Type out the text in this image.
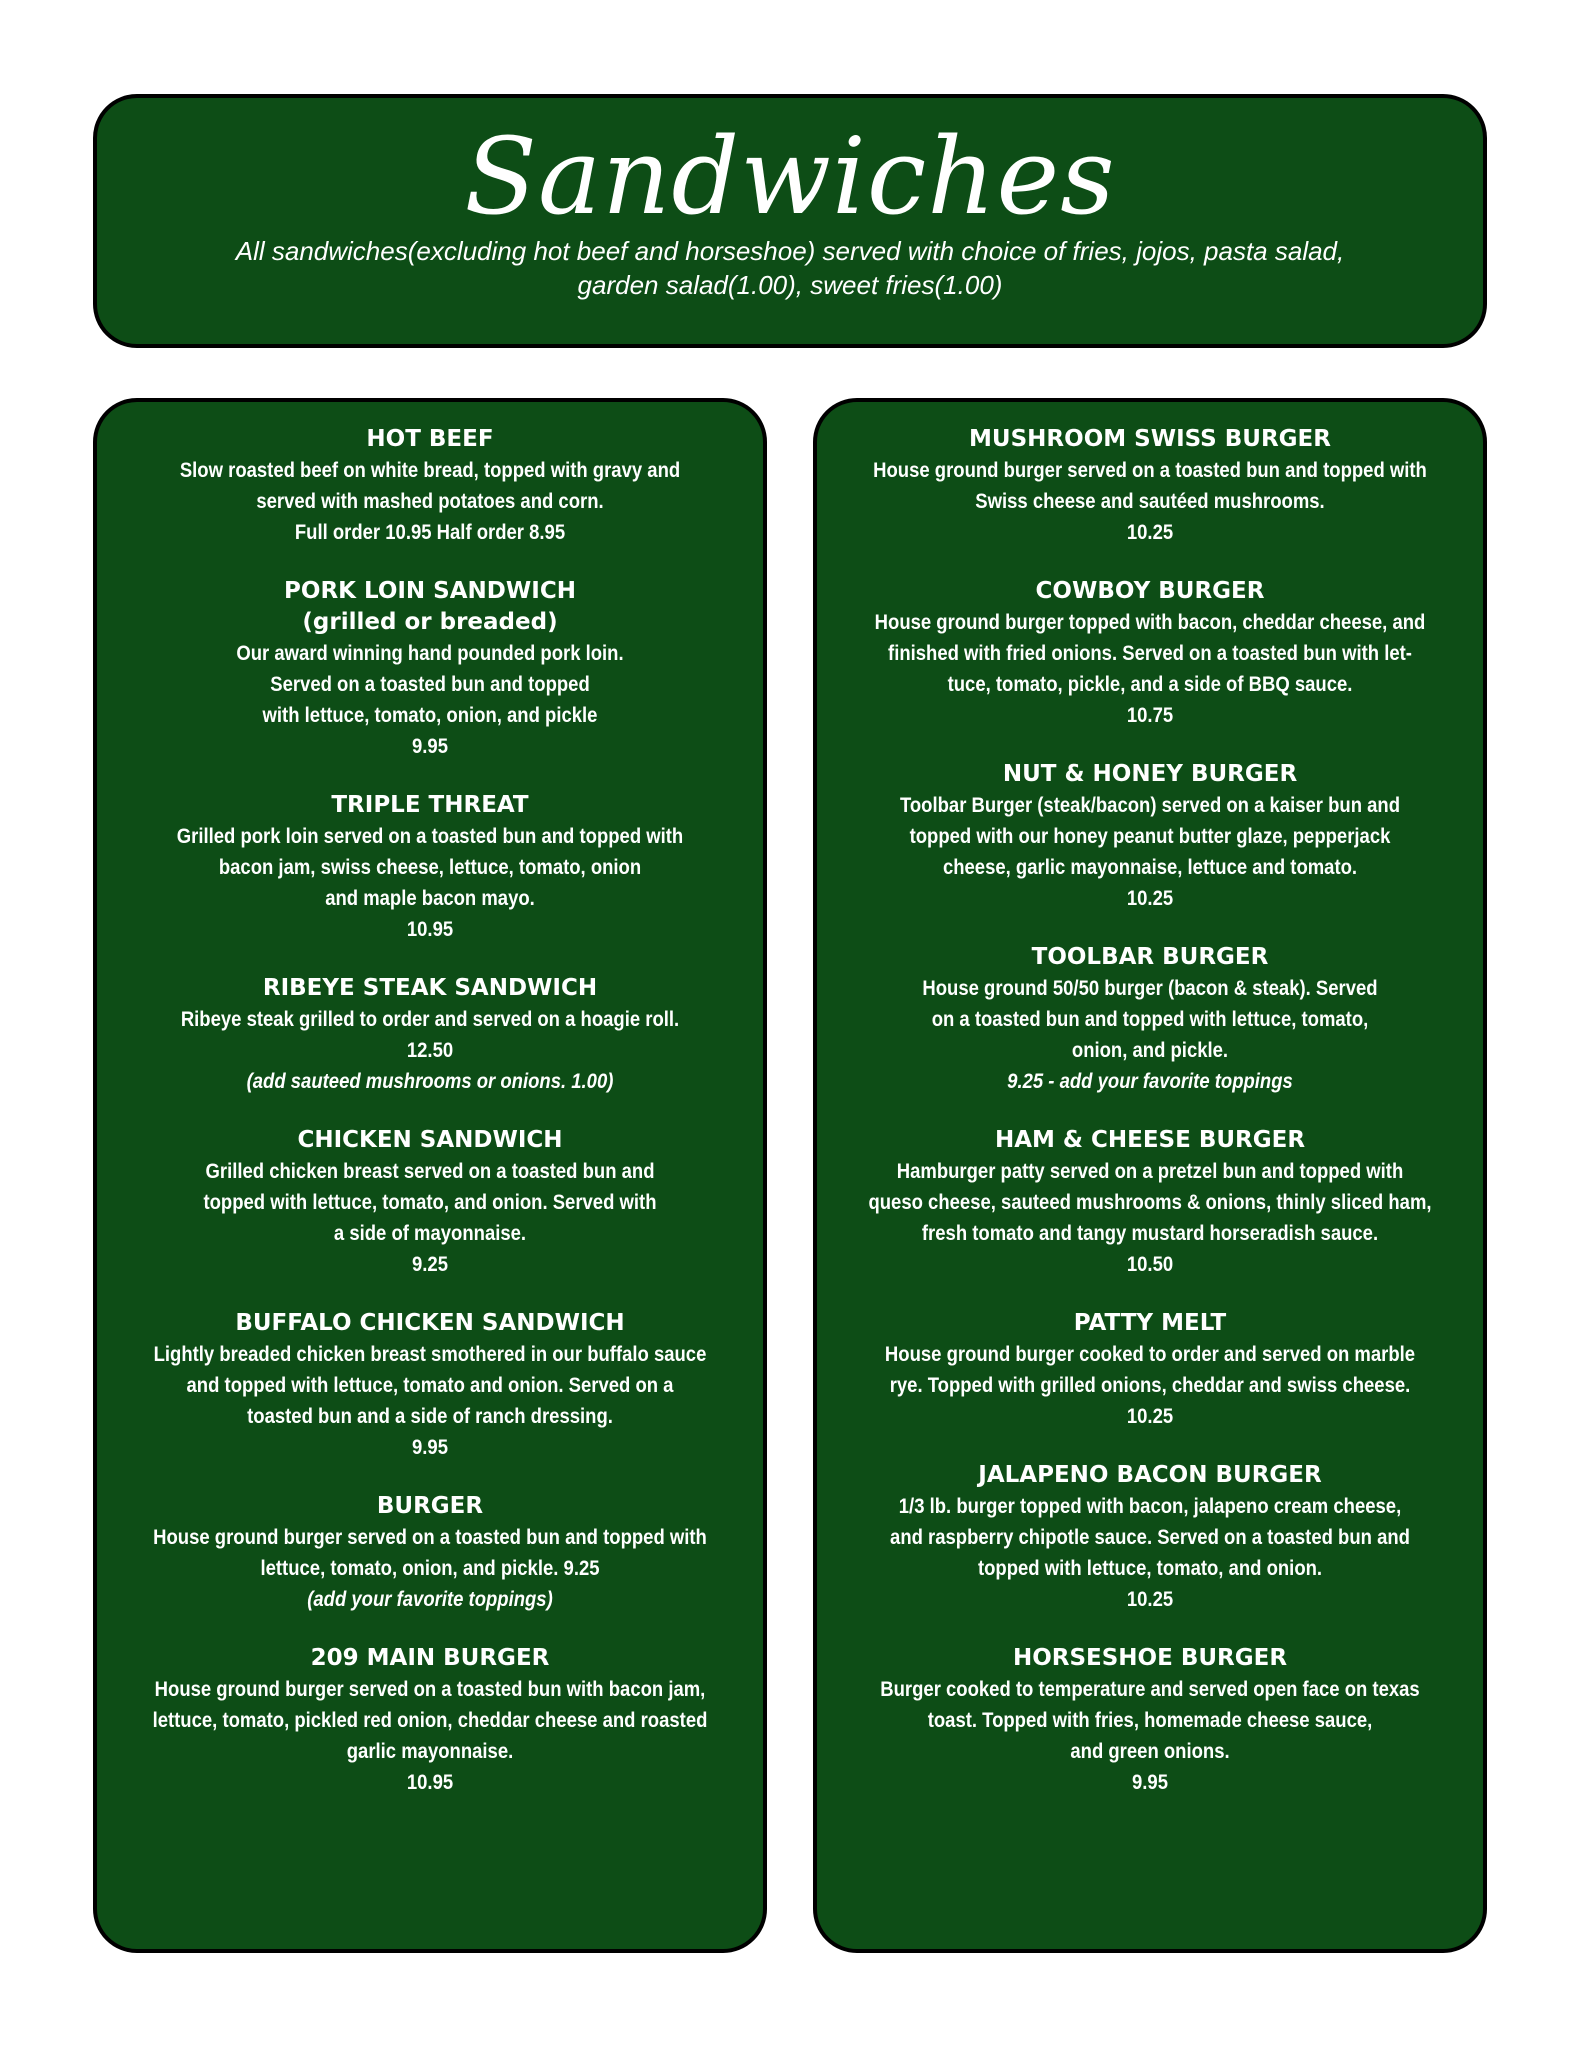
Sandwiches
All sandwiches(excluding hot beef and horseshoe) served with choice of fries, jojos, pasta salad,
garden salad(1.00), sweet fries(1.00)
HOT BEEF
Slow roasted beef on white bread, topped with gravy and
served with mashed potatoes and corn.
Full order 10.95 Half order 8.95
PORK LOIN SANDWICH
(grilled or breaded)
Our award winning hand pounded pork loin.
Served on a toasted bun and topped
with lettuce, tomato, onion, and pickle
9.95
TRIPLE THREAT
Grilled pork loin served on a toasted bun and topped with
bacon jam, swiss cheese, lettuce, tomato, onion
and maple bacon mayo.
10.95
RIBEYE STEAK SANDWICH
Ribeye steak grilled to order and served on a hoagie roll.
12.50
(add sauteed mushrooms or onions. 1.00)
CHICKEN SANDWICH
Grilled chicken breast served on a toasted bun and
topped with lettuce, tomato, and onion. Served with
a side of mayonnaise.
9.25
BUFFALO CHICKEN SANDWICH
Lightly breaded chicken breast smothered in our buffalo sauce
and topped with lettuce, tomato and onion. Served on a
toasted bun and a side of ranch dressing.
9.95
BURGER
House ground burger served on a toasted bun and topped with
lettuce, tomato, onion, and pickle. 9.25
(add your favorite toppings)
209 MAIN BURGER
House ground burger served on a toasted bun with bacon jam,
lettuce, tomato, pickled red onion, cheddar cheese and roasted
garlic mayonnaise.
10.95
MUSHROOM SWISS BURGER
House ground burger served on a toasted bun and topped with
Swiss cheese and sautéed mushrooms.
10.25
COWBOY BURGER
House ground burger topped with bacon, cheddar cheese, and
finished with fried onions. Served on a toasted bun with let-
tuce, tomato, pickle, and a side of BBQ sauce.
10.75
NUT & HONEY BURGER
Toolbar Burger (steak/bacon) served on a kaiser bun and
topped with our honey peanut butter glaze, pepperjack
cheese, garlic mayonnaise, lettuce and tomato.
10.25
TOOLBAR BURGER
House ground 50/50 burger (bacon & steak). Served
on a toasted bun and topped with lettuce, tomato,
onion, and pickle.
9.25 - add your favorite toppings
HAM & CHEESE BURGER
Hamburger patty served on a pretzel bun and topped with
queso cheese, sauteed mushrooms & onions, thinly sliced ham,
fresh tomato and tangy mustard horseradish sauce.
10.50
PATTY MELT
House ground burger cooked to order and served on marble
rye. Topped with grilled onions, cheddar and swiss cheese.
10.25
JALAPENO BACON BURGER
1/3 lb. burger topped with bacon, jalapeno cream cheese,
and raspberry chipotle sauce. Served on a toasted bun and
topped with lettuce, tomato, and onion.
10.25
HORSESHOE BURGER
Burger cooked to temperature and served open face on texas
toast. Topped with fries, homemade cheese sauce,
and green onions.
9.95
